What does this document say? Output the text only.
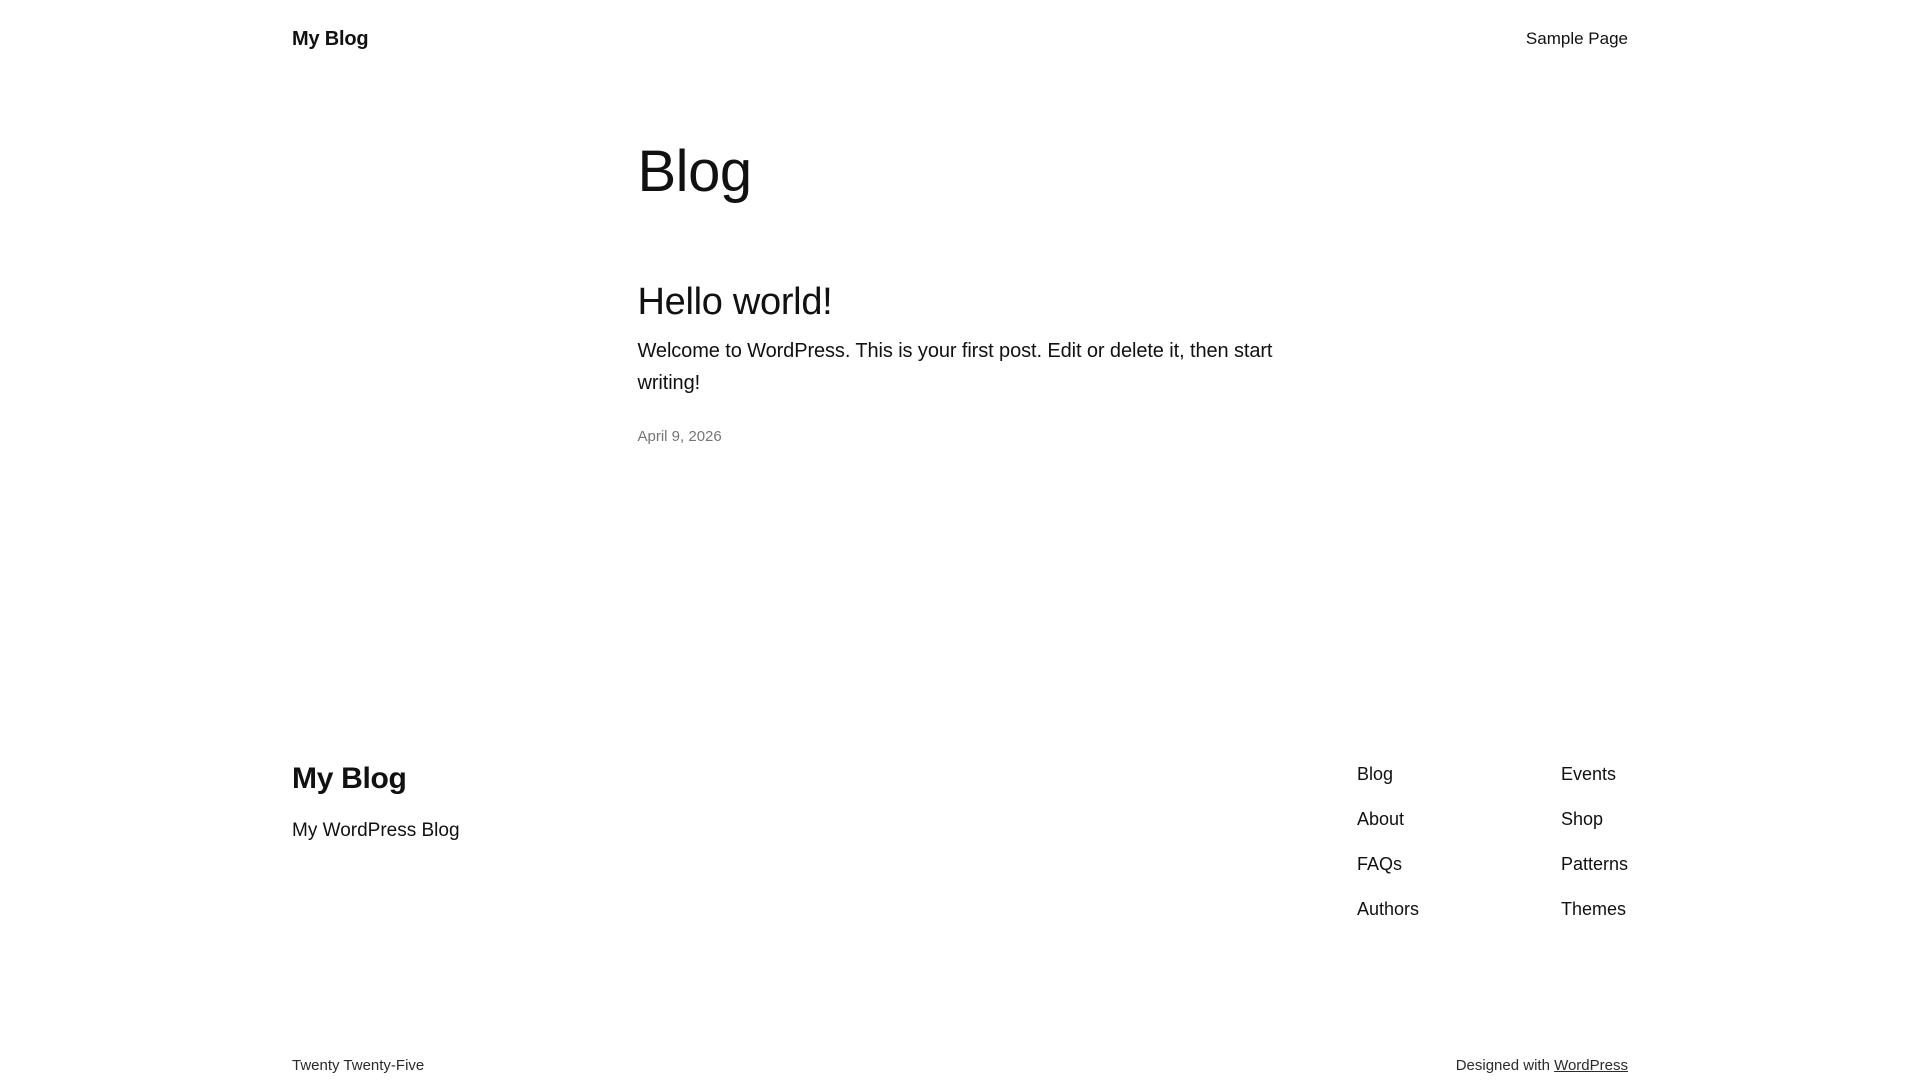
My Blog	Sample Page
Blog
Hello world!

Welcome to WordPress. This is your first post. Edit or delete it, then start writing!

April 9, 2026
My Blog

My WordPress Blog

Blog
About
FAQs
Authors
Events
Shop
Patterns
Themes
Twenty Twenty-Five	Designed with WordPress
